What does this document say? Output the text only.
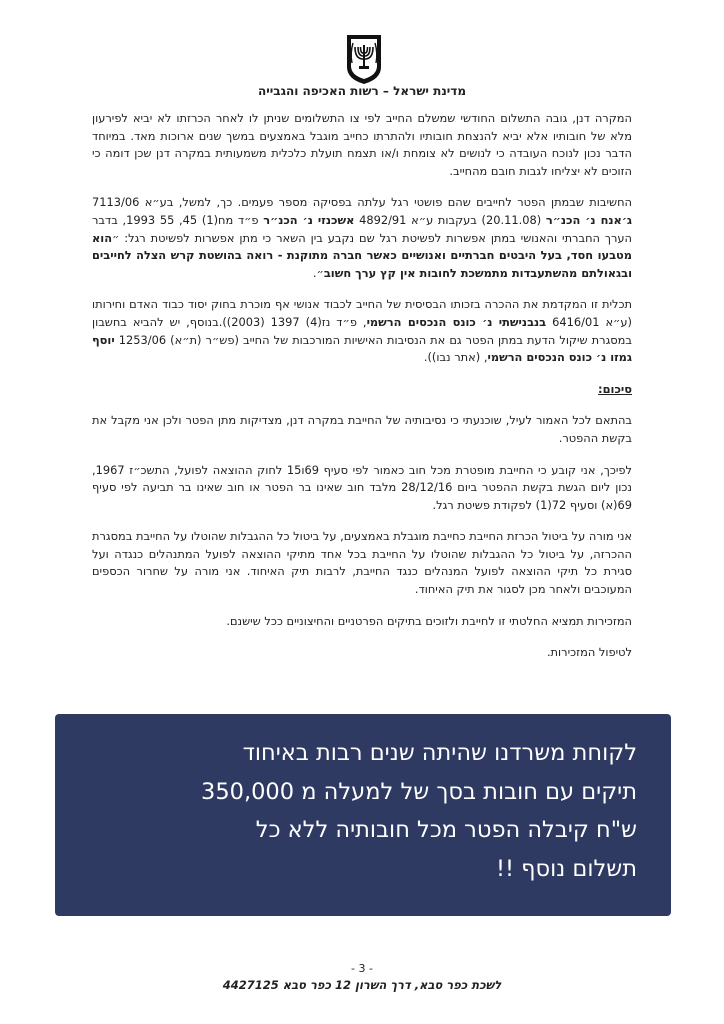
מדינת ישראל – רשות האכיפה והגבייה

המקרה דנן, גובה התשלום החודשי שמשלם החייב לפי צו התשלומים שניתן לו לאחר הכרזתו לא יביא לפירעון מלא של חובותיו אלא יביא להנצחת חובותיו ולהתרתו כחייב מוגבל באמצעים במשך שנים ארוכות מאד. במיוחד הדבר נכון לנוכח העובדה כי לנושים לא צומחת ו/או תצמח תועלת כלכלית משמעותית במקרה דנן שכן דומה כי הזוכים לא יצליחו לגבות חובם מהחייב.

החשיבות שבמתן הפטר לחייבים שהם פושטי רגל עלתה בפסיקה מספר פעמים. כך, למשל, בע״א 7113/06 ג׳אנח נ׳ הכנ״ר (20.11.08) בעקבות ע״א 4892/91 אשכנזי נ׳ הכנ״ר פ״ד מח(1) 45, 55 1993, בדבר הערך החברתי והאנושי במתן אפשרות לפשיטת רגל שם נקבע בין השאר כי מתן אפשרות לפשיטת רגל: ״הוא מטבעו חסד, בעל היבטים חברתיים ואנושיים כאשר חברה מתוקנת - רואה בהושטת קרש הצלה לחייבים ובגאולתם מהשתעבדות מתמשכת לחובות אין קץ ערך חשוב״.

תכלית זו המקדמת את ההכרה בזכותו הבסיסית של החייב לכבוד אנושי אף מוכרת בחוק יסוד כבוד האדם וחירותו (ע״א 6416/01 בנבנישתי נ׳ כונס הנכסים הרשמי, פ״ד נז(4) 1397 (2003)).בנוסף, יש להביא בחשבון במסגרת שיקול הדעת במתן הפטר גם את הנסיבות האישיות המורכבות של החייב (פש״ר (ת״א) 1253/06 יוסף גמזו נ׳ כונס הנכסים הרשמי, (אתר נבו)).

סיכום:

בהתאם לכל האמור לעיל, שוכנעתי כי נסיבותיה של החייבת במקרה דנן, מצדיקות מתן הפטר ולכן אני מקבל את בקשת ההפטר.

לפיכך, אני קובע כי החייבת מופטרת מכל חוב כאמור לפי סעיף 69ו15 לחוק ההוצאה לפועל, התשכ״ז 1967, נכון ליום הגשת בקשת ההפטר ביום 28/12/16 מלבד חוב שאינו בר הפטר או חוב שאינו בר תביעה לפי סעיף 69(א) וסעיף 72(1) לפקודת פשיטת רגל.

אני מורה על ביטול הכרזת החייבת כחייבת מוגבלת באמצעים, על ביטול כל ההגבלות שהוטלו על החייבת במסגרת ההכרזה, על ביטול כל ההגבלות שהוטלו על החייבת בכל אחד מתיקי ההוצאה לפועל המתנהלים כנגדה ועל סגירת כל תיקי ההוצאה לפועל המנהלים כנגד החייבת, לרבות תיק האיחוד. אני מורה על שחרור הכספים המעוכבים ולאחר מכן לסגור את תיק האיחוד.

המזכירות תמציא החלטתי זו לחייבת ולזוכים בתיקים הפרטניים והחיצוניים ככל שישנם.

לטיפול המזכירות.

לקוחת משרדנו שהיתה שנים רבות באיחוד

תיקים עם חובות בסך של למעלה מ 350,000

ש"ח קיבלה הפטר מכל חובותיה ללא כל

תשלום נוסף !!

- 3 -
לשכת כפר סבא, דרך השרון 12 כפר סבא 4427125
